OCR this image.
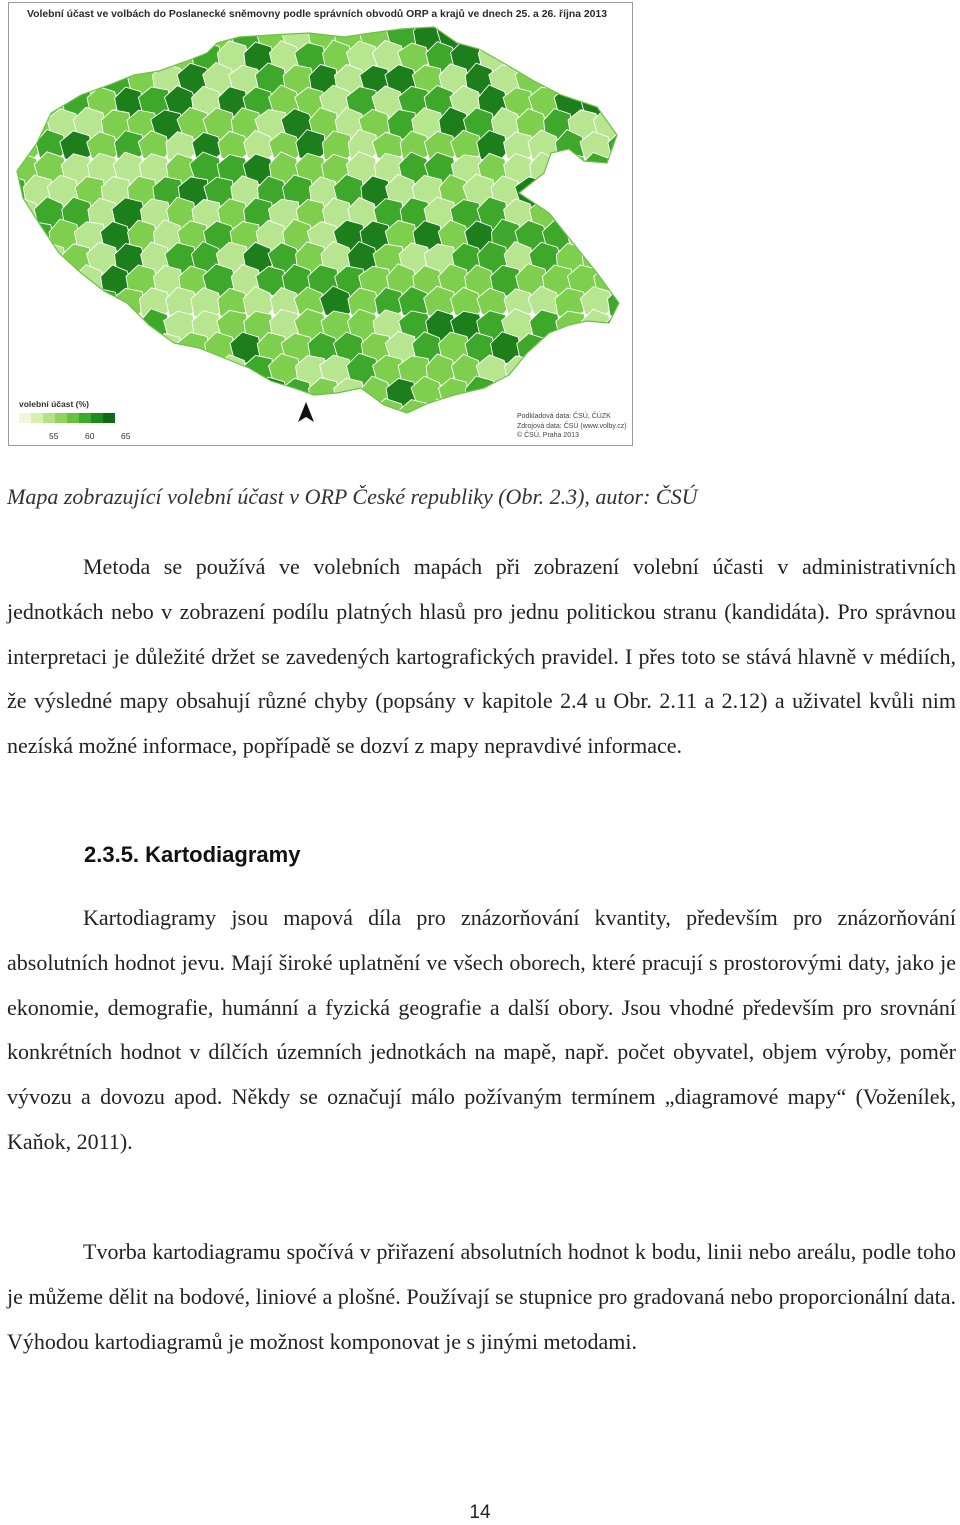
Volební účast ve volbách do Poslanecké sněmovny podle správních obvodů ORP a krajů ve dnech 25. a 26. října 2013
volební účast (%)
55	60	65
Podkladová data: ČSÚ, ČÚZK
Zdrojová data: ČSÚ (www.volby.cz)
© ČSÚ, Praha 2013
Mapa zobrazující volební účast v ORP České republiky (Obr. 2.3), autor: ČSÚ

Metoda se používá ve volebních mapách při zobrazení volební účasti v administrativních jednotkách nebo v zobrazení podílu platných hlasů pro jednu politickou stranu (kandidáta). Pro správnou interpretaci je důležité držet se zavedených kartografických pravidel. I přes toto se stává hlavně v médiích, že výsledné mapy obsahují různé chyby (popsány v kapitole 2.4 u Obr. 2.11 a 2.12) a uživatel kvůli nim nezíská možné informace, popřípadě se dozví z mapy nepravdivé informace.

2.3.5. Kartodiagramy

Kartodiagramy jsou mapová díla pro znázorňování kvantity, především pro znázorňování absolutních hodnot jevu. Mají široké uplatnění ve všech oborech, které pracují s prostorovými daty, jako je ekonomie, demografie, humánní a fyzická geografie a další obory. Jsou vhodné především pro srovnání konkrétních hodnot v dílčích územních jednotkách na mapě, např. počet obyvatel, objem výroby, poměr vývozu a dovozu apod. Někdy se označují málo požívaným termínem „diagramové mapy“ (Voženílek, Kaňok, 2011).

Tvorba kartodiagramu spočívá v přiřazení absolutních hodnot k bodu, linii nebo areálu, podle toho je můžeme dělit na bodové, liniové a plošné. Používají se stupnice pro gradovaná nebo proporcionální data. Výhodou kartodiagramů je možnost komponovat je s jinými metodami.

14
